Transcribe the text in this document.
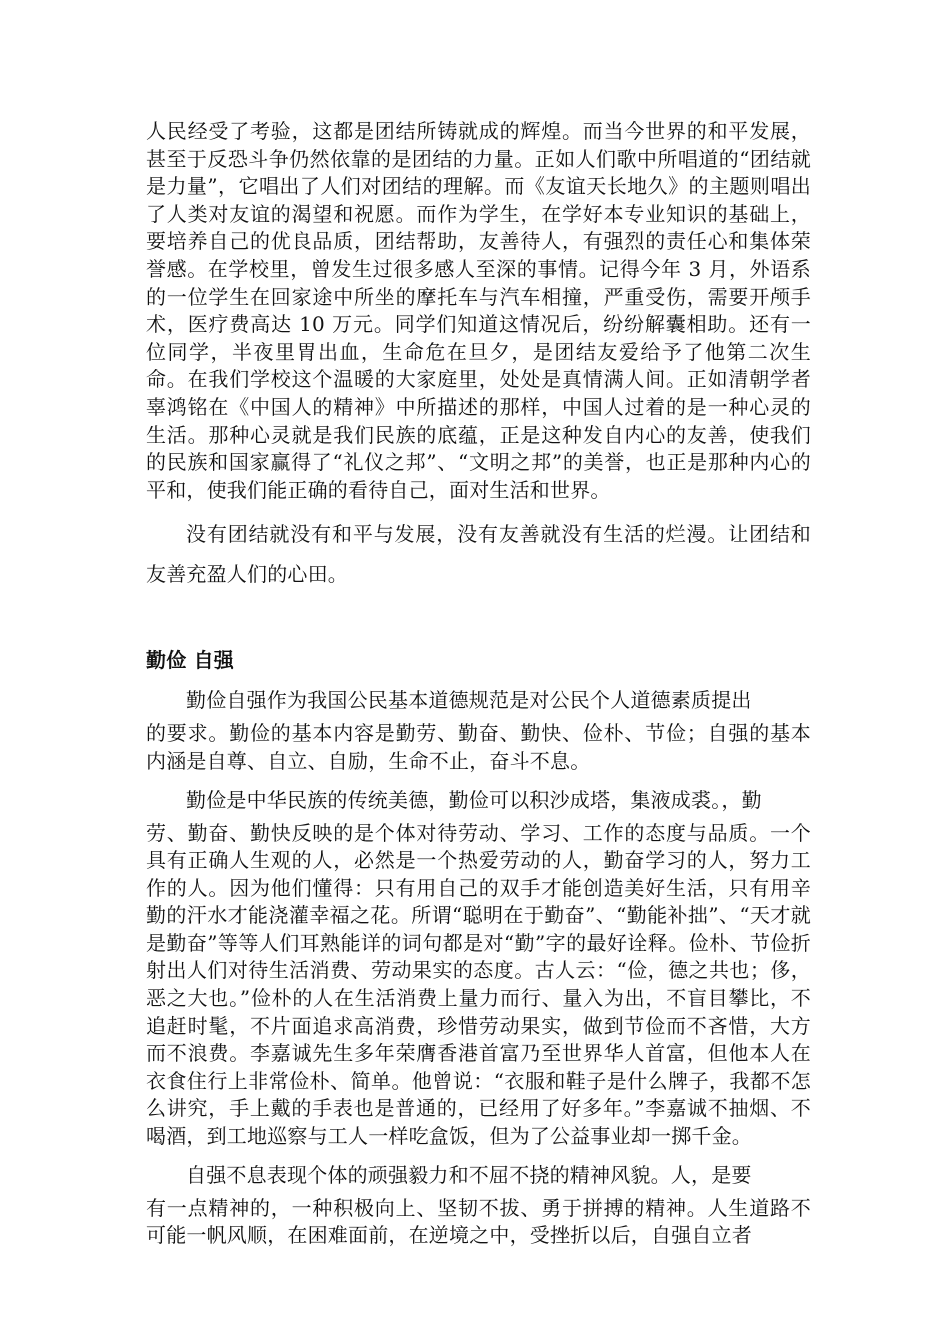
人民经受了考验，这都是团结所铸就成的辉煌。而当今世界的和平发展，甚至于反恐斗争仍然依靠的是团结的力量。正如人们歌中所唱道的“团结就是力量”，它唱出了人们对团结的理解。而《友谊天长地久》的主题则唱出了人类对友谊的渴望和祝愿。而作为学生，在学好本专业知识的基础上，要培养自己的优良品质，团结帮助，友善待人，有强烈的责任心和集体荣誉感。在学校里，曾发生过很多感人至深的事情。记得今年 3 月，外语系的一位学生在回家途中所坐的摩托车与汽车相撞，严重受伤，需要开颅手术，医疗费高达 10 万元。同学们知道这情况后，纷纷解囊相助。还有一位同学，半夜里胃出血，生命危在旦夕，是团结友爱给予了他第二次生命。在我们学校这个温暖的大家庭里，处处是真情满人间。正如清朝学者辜鸿铭在《中国人的精神》中所描述的那样，中国人过着的是一种心灵的生活。那种心灵就是我们民族的底蕴，正是这种发自内心的友善，使我们的民族和国家赢得了“礼仪之邦”、“文明之邦”的美誉，也正是那种内心的平和，使我们能正确的看待自己，面对生活和世界。

没有团结就没有和平与发展，没有友善就没有生活的烂漫。让团结和友善充盈人们的心田。

勤俭 自强

勤俭自强作为我国公民基本道德规范是对公民个人道德素质提出
的要求。勤俭的基本内容是勤劳、勤奋、勤快、俭朴、节俭；自强的基本内涵是自尊、自立、自励，生命不止，奋斗不息。

勤俭是中华民族的传统美德，勤俭可以积沙成塔，集液成裘。，勤
劳、勤奋、勤快反映的是个体对待劳动、学习、工作的态度与品质。一个具有正确人生观的人，必然是一个热爱劳动的人，勤奋学习的人，努力工作的人。因为他们懂得：只有用自己的双手才能创造美好生活，只有用辛勤的汗水才能浇灌幸福之花。所谓“聪明在于勤奋”、“勤能补拙”、“天才就是勤奋”等等人们耳熟能详的词句都是对“勤”字的最好诠释。俭朴、节俭折射出人们对待生活消费、劳动果实的态度。古人云：“俭，德之共也；侈，恶之大也。”俭朴的人在生活消费上量力而行、量入为出，不盲目攀比，不追赶时髦，不片面追求高消费，珍惜劳动果实，做到节俭而不吝惜，大方而不浪费。李嘉诚先生多年荣膺香港首富乃至世界华人首富，但他本人在衣食住行上非常俭朴、简单。他曾说：“衣服和鞋子是什么牌子，我都不怎么讲究，手上戴的手表也是普通的，已经用了好多年。”李嘉诚不抽烟、不喝酒，到工地巡察与工人一样吃盒饭，但为了公益事业却一掷千金。

自强不息表现个体的顽强毅力和不屈不挠的精神风貌。人，是要
有一点精神的，一种积极向上、坚韧不拔、勇于拼搏的精神。人生道路不可能一帆风顺，在困难面前，在逆境之中，受挫折以后，自强自立者
